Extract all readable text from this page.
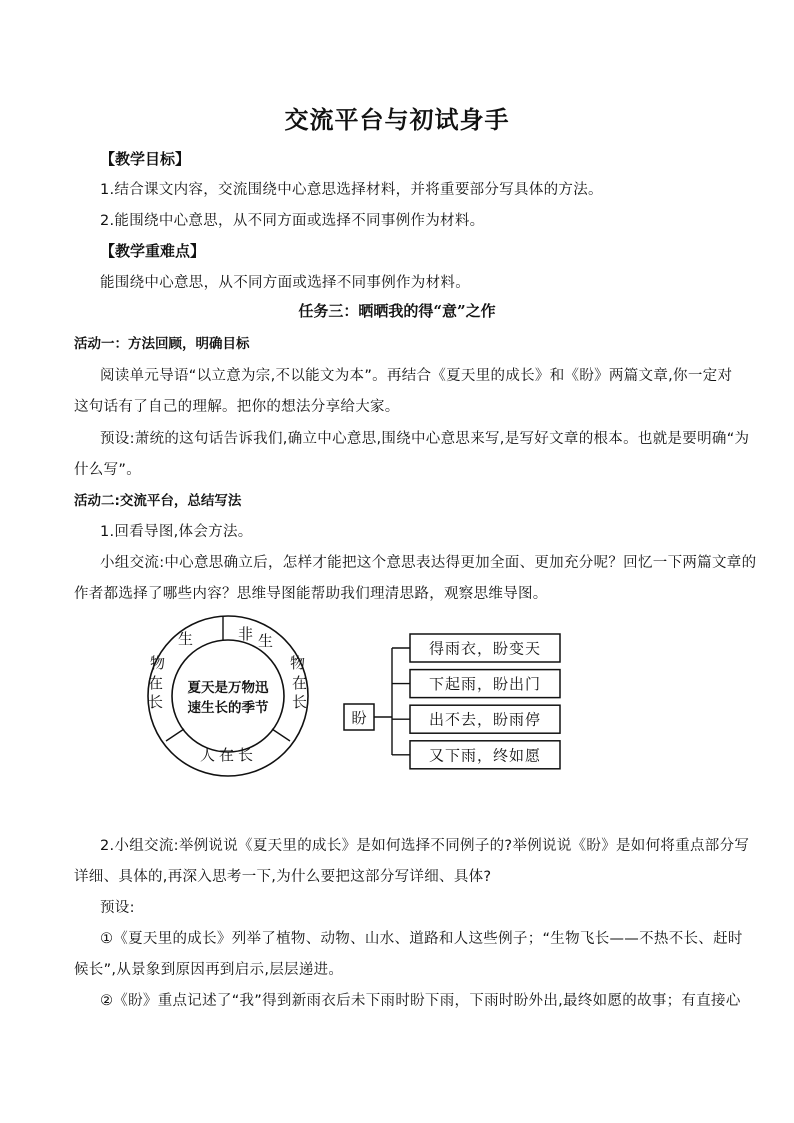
交流平台与初试身手
【教学目标】
1.结合课文内容，交流围绕中心意思选择材料，并将重要部分写具体的方法。
2.能围绕中心意思，从不同方面或选择不同事例作为材料。
【教学重难点】
能围绕中心意思，从不同方面或选择不同事例作为材料。
任务三：晒晒我的得“意”之作
活动一：方法回顾，明确目标
阅读单元导语“以立意为宗,不以能文为本”。再结合《夏天里的成长》和《盼》两篇文章,你一定对
这句话有了自己的理解。把你的想法分享给大家。
预设:萧统的这句话告诉我们,确立中心意思,围绕中心意思来写,是写好文章的根本。也就是要明确“为
什么写”。
活动二:交流平台，总结写法
1.回看导图,体会方法。
小组交流:中心意思确立后，怎样才能把这个意思表达得更加全面、更加充分呢？回忆一下两篇文章的
作者都选择了哪些内容？思维导图能帮助我们理清思路，观察思维导图。
生	非 生
物
在
长
物
在
长
人在长
夏天是万物迅
速生长的季节
盼
得雨衣，盼变天
下起雨，盼出门
出不去，盼雨停
又下雨，终如愿
2.小组交流:举例说说《夏天里的成长》是如何选择不同例子的?举例说说《盼》是如何将重点部分写
详细、具体的,再深入思考一下,为什么要把这部分写详细、具体?
预设:
①《夏天里的成长》列举了植物、动物、山水、道路和人这些例子；“生物飞长——不热不长、赶时
候长”,从景象到原因再到启示,层层递进。
②《盼》重点记述了“我”得到新雨衣后未下雨时盼下雨，下雨时盼外出,最终如愿的故事；有直接心
